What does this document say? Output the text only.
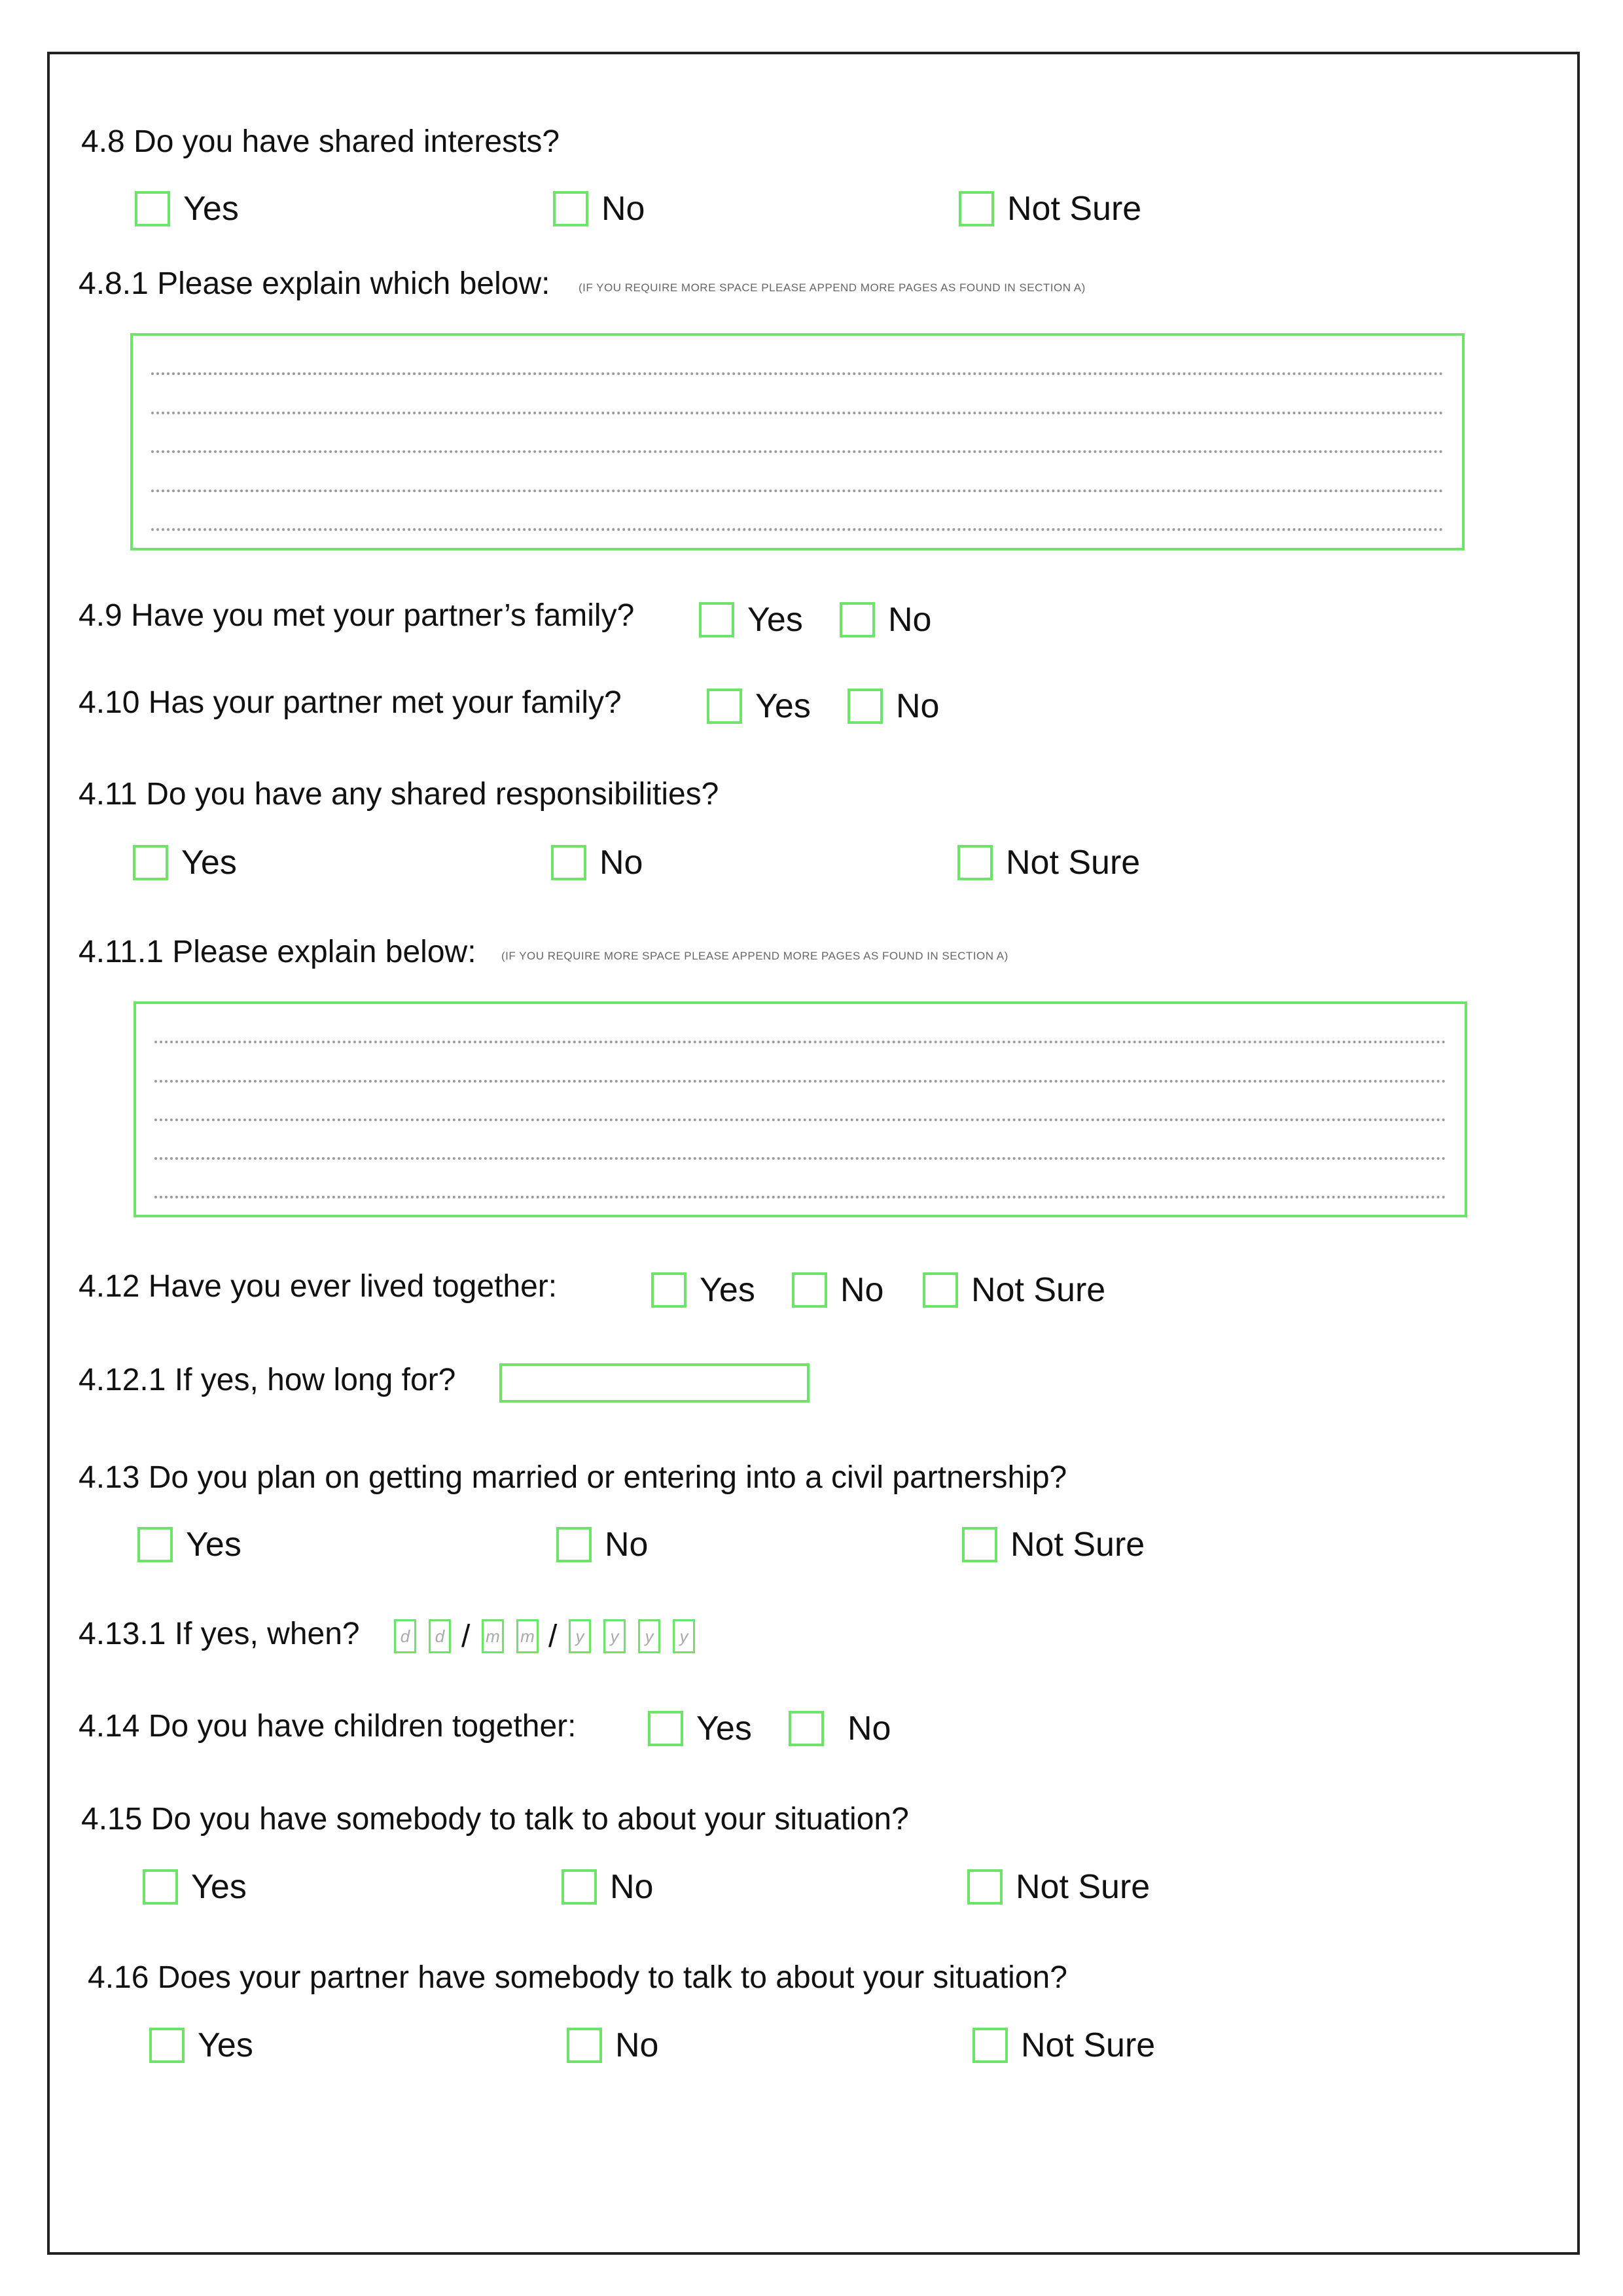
4.8 Do you have shared interests?
Yes	No	Not Sure
4.8.1 Please explain which below:	(IF YOU REQUIRE MORE SPACE PLEASE APPEND MORE PAGES AS FOUND IN SECTION A)
4.9 Have you met your partner’s family?	Yes	No
4.10 Has your partner met your family?	Yes	No
4.11 Do you have any shared responsibilities?
Yes	No	Not Sure
4.11.1 Please explain below: (IF YOU REQUIRE MORE SPACE PLEASE APPEND MORE PAGES AS FOUND IN SECTION A)
4.12 Have you ever lived together:	Yes	No	Not Sure
4.12.1 If yes, how long for?
4.13 Do you plan on getting married or entering into a civil partnership?
Yes	No	Not Sure
4.13.1 If yes, when?	d	d / m m /	y	y	y	y
4.14 Do you have children together:	Yes	No
4.15 Do you have somebody to talk to about your situation?
Yes	No	Not Sure
4.16 Does your partner have somebody to talk to about your situation?
Yes	No	Not Sure
